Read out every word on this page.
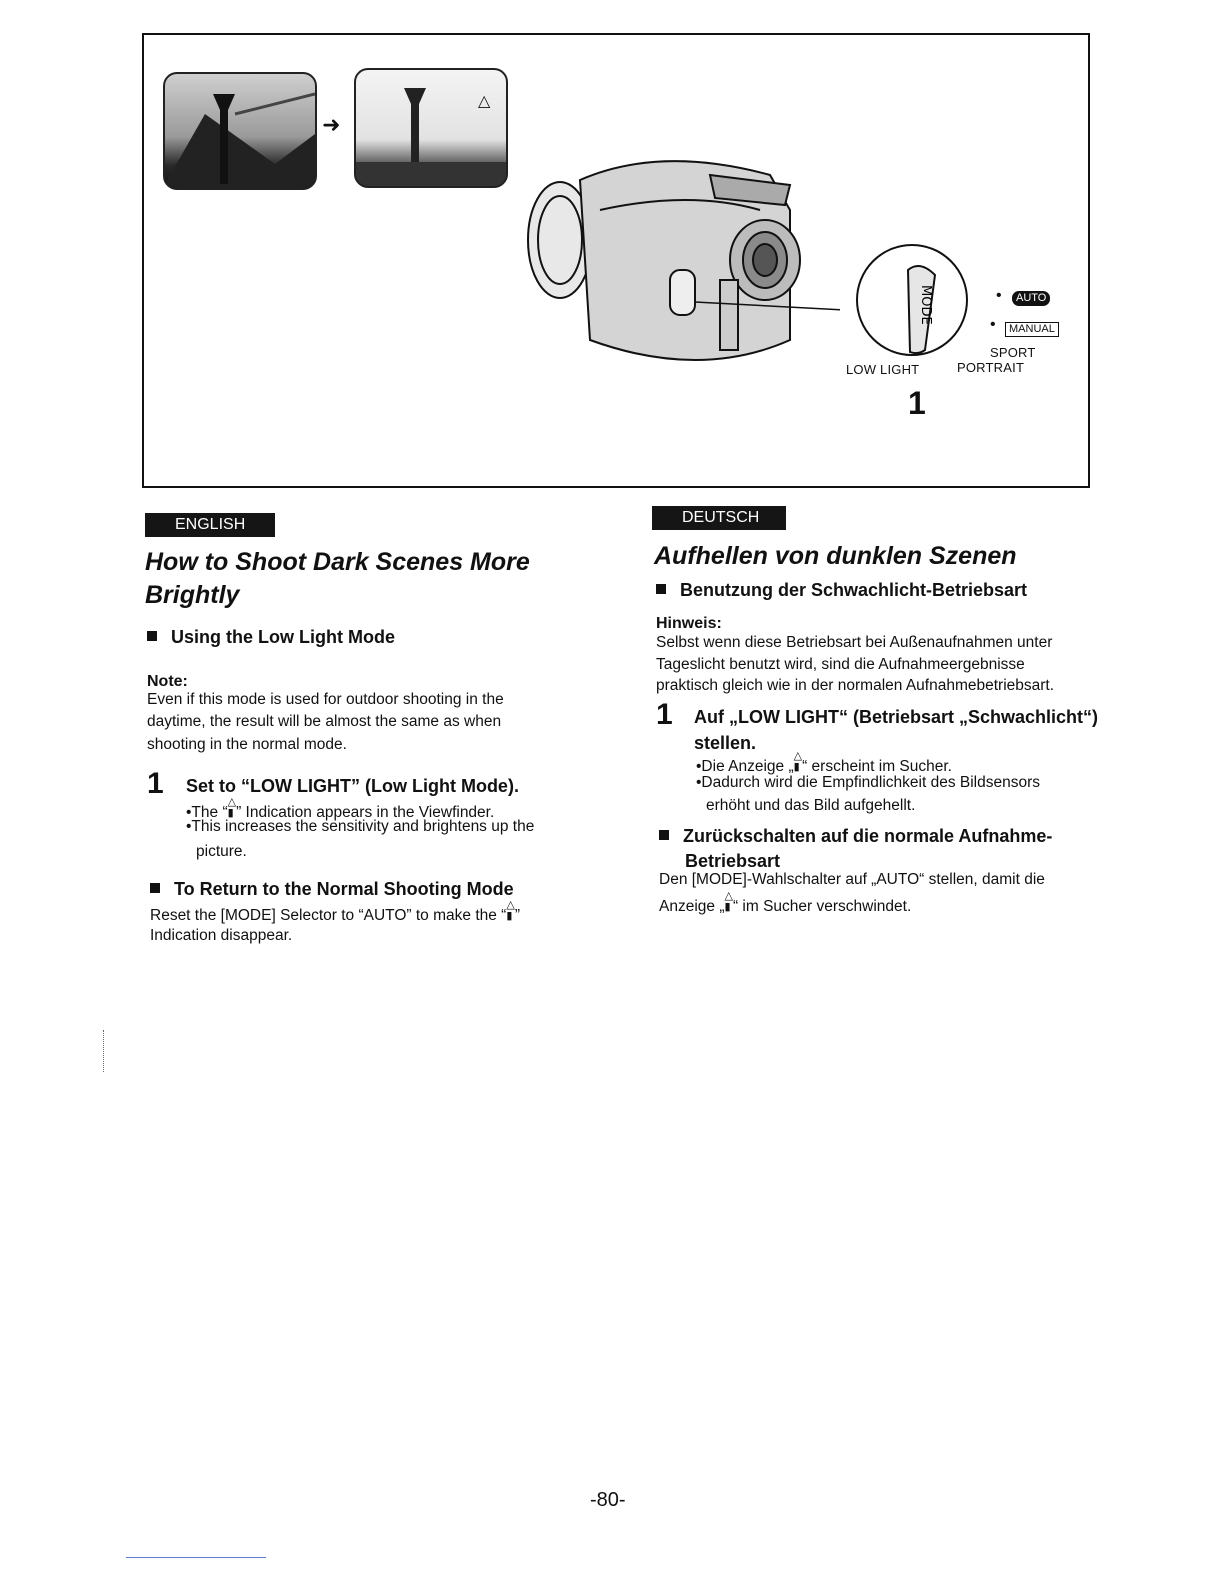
➜
△
MODE	AUTO
•
MANUAL
•
SPORT
PORTRAIT
LOW LIGHT
1
ENGLISH
How to Shoot Dark Scenes More
Brightly
Using the Low Light Mode
Note:
Even if this mode is used for outdoor shooting in the
daytime, the result will be almost the same as when
shooting in the normal mode.
1 Set to “LOW LIGHT” (Low Light Mode).
•The “△
▮ ” Indication appears in the Viewfinder.
•This increases the sensitivity and brightens up the
picture.
To Return to the Normal Shooting Mode
Reset the [MODE] Selector to “AUTO” to make the “△
▮ ”
Indication disappear.
DEUTSCH
Aufhellen von dunklen Szenen
Benutzung der Schwachlicht-Betriebsart
Hinweis:
Selbst wenn diese Betriebsart bei Außenaufnahmen unter
Tageslicht benutzt wird, sind die Aufnahmeergebnisse
praktisch gleich wie in der normalen Aufnahmebetriebsart.
1 Auf „LOW LIGHT“ (Betriebsart „Schwachlicht“)
stellen.
•Die Anzeige „△
▮ “ erscheint im Sucher.
•Dadurch wird die Empfindlichkeit des Bildsensors
erhöht und das Bild aufgehellt.
Zurückschalten auf die normale Aufnahme-
Betriebsart
Den [MODE]-Wahlschalter auf „AUTO“ stellen, damit die
Anzeige „△
▮ “ im Sucher verschwindet.
-80-
